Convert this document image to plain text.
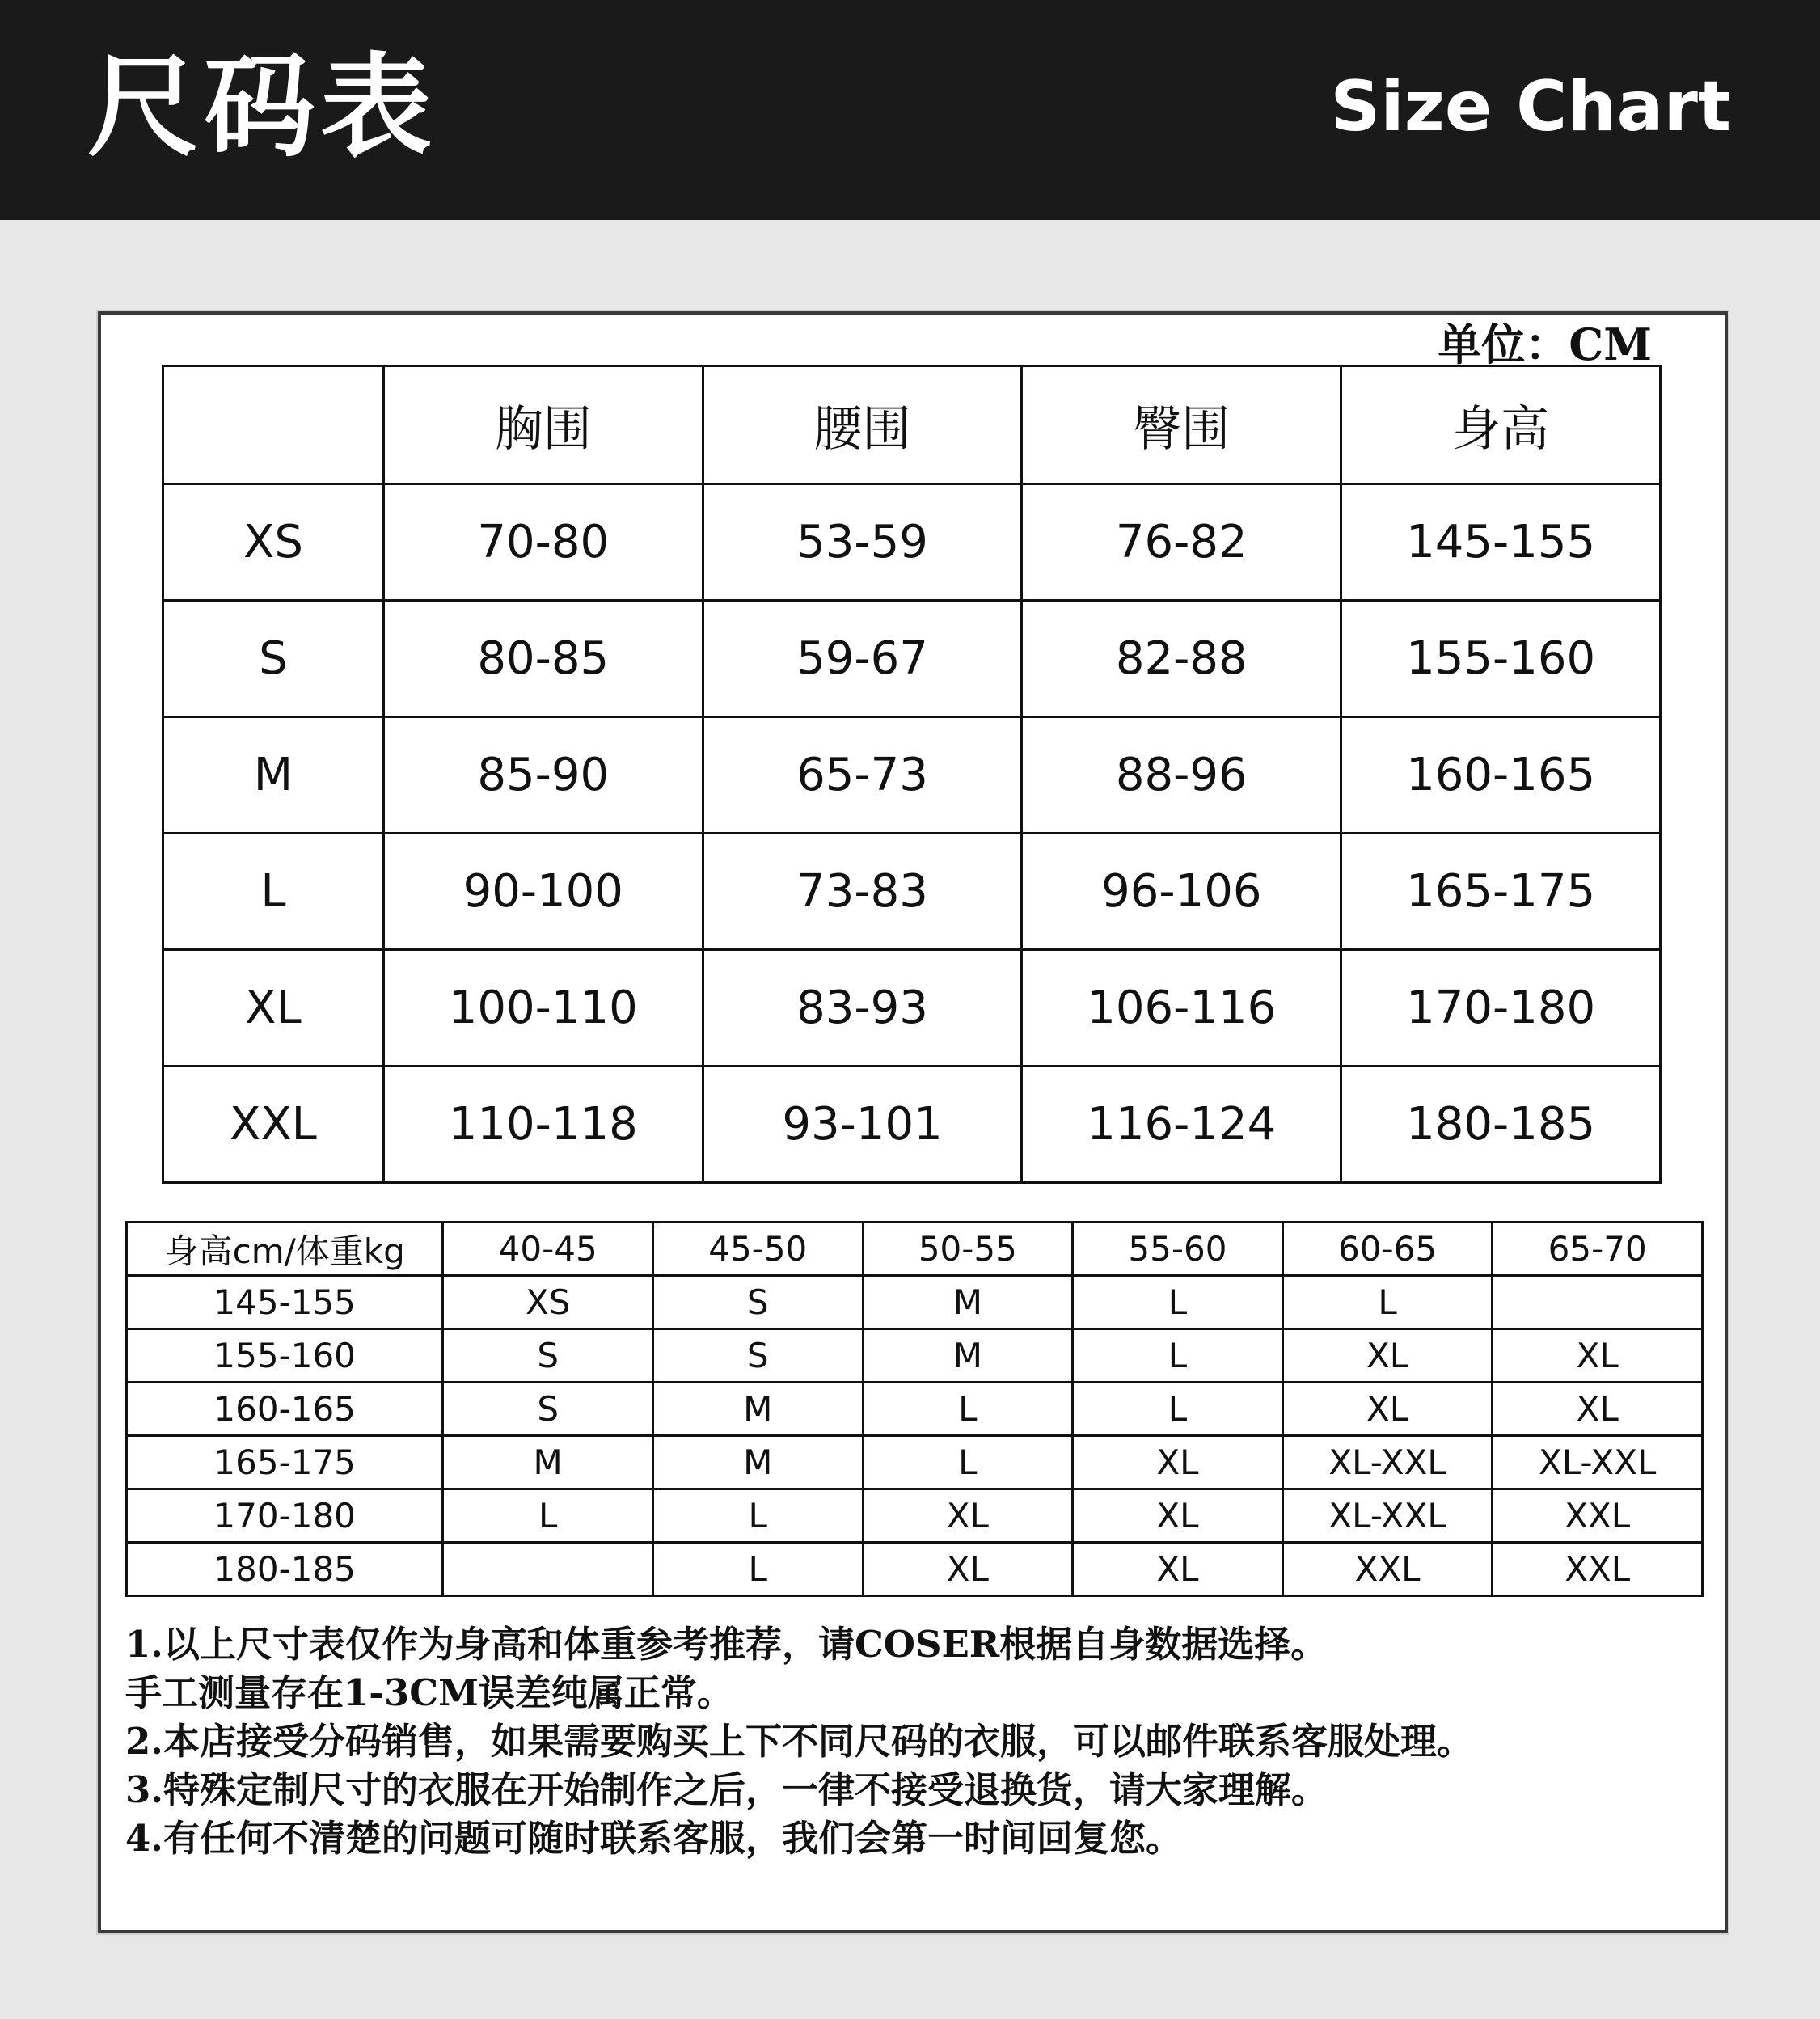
尺码表	Size Chart
单位：CM
	胸围	腰围	臀围	身高
XS	70-80	53-59	76-82	145-155
S	80-85	59-67	82-88	155-160
M	85-90	65-73	88-96	160-165
L	90-100	73-83	96-106	165-175
XL	100-110	83-93	106-116	170-180
XXL	110-118	93-101	116-124	180-185
身高cm/体重kg	40-45	45-50	50-55	55-60	60-65	65-70
145-155	XS	S	M	L	L	
155-160	S	S	M	L	XL	XL
160-165	S	M	L	L	XL	XL
165-175	M	M	L	XL	XL-XXL	XL-XXL
170-180	L	L	XL	XL	XL-XXL	XXL
180-185		L	XL	XL	XXL	XXL

1.以上尺寸表仅作为身高和体重参考推荐，请COSER根据自身数据选择。

手工测量存在1-3CM误差纯属正常。

2.本店接受分码销售，如果需要购买上下不同尺码的衣服，可以邮件联系客服处理。

3.特殊定制尺寸的衣服在开始制作之后，一律不接受退换货，请大家理解。

4.有任何不清楚的问题可随时联系客服，我们会第一时间回复您。
